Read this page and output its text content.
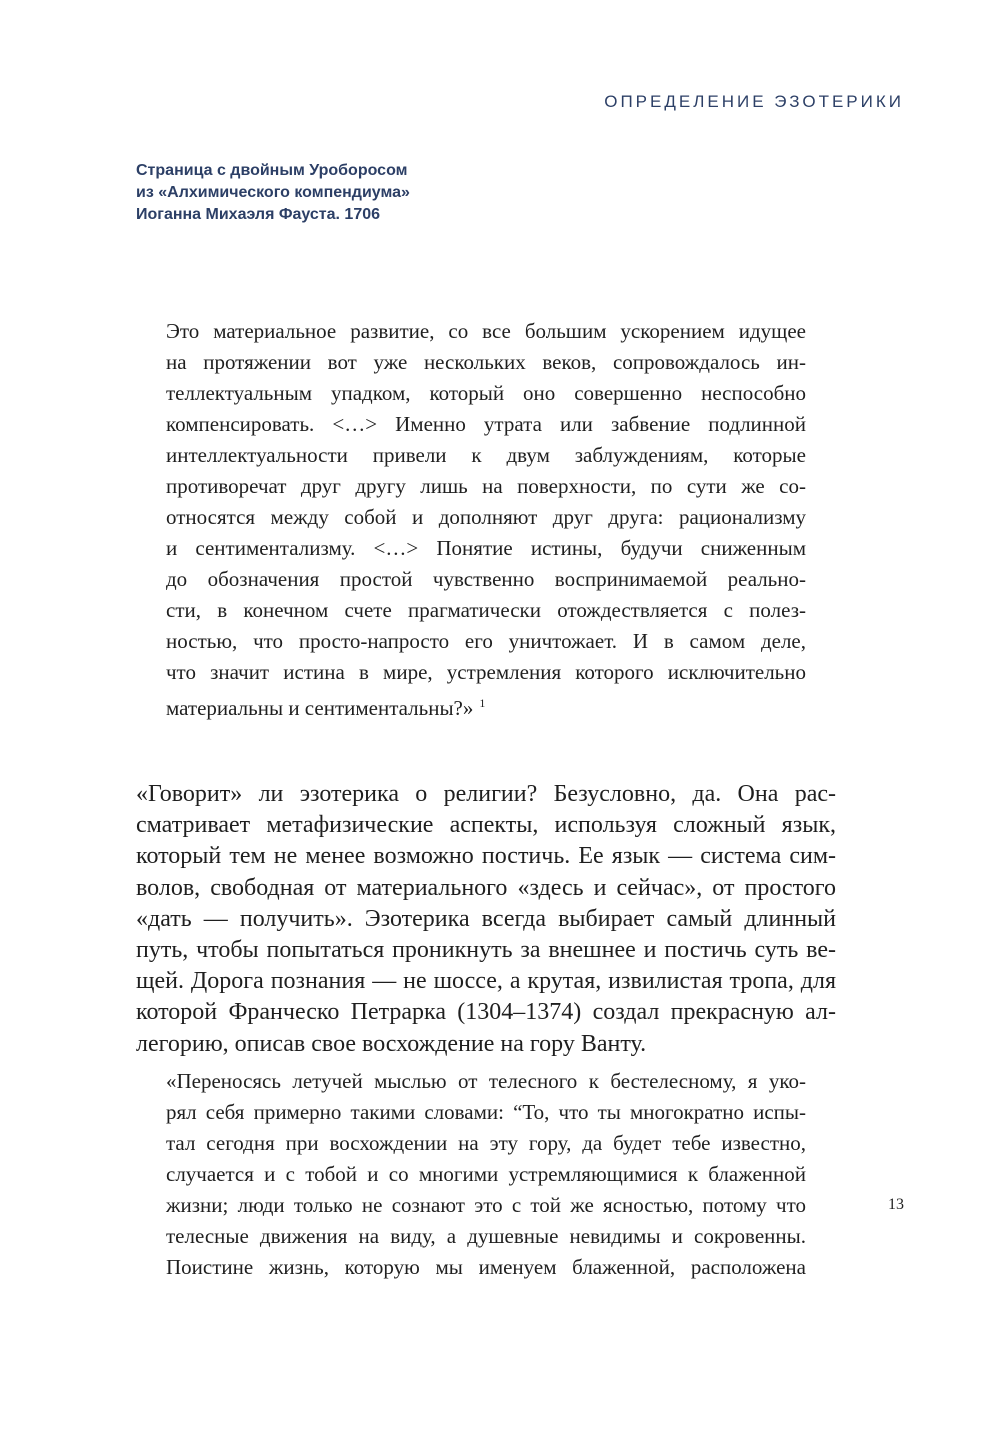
ОПРЕДЕЛЕНИЕ ЭЗОТЕРИКИ
Страница с двойным Уроборосом
из «Алхимического компендиума»
Иоганна Михаэля Фауста. 1706
Это материальное развитие, со все большим ускорением идущее
на протяжении вот уже нескольких веков, сопровождалось ин-
теллектуальным упадком, который оно совершенно неспособно
компенсировать. <…> Именно утрата или забвение подлинной
интеллектуальности привели к двум заблуждениям, которые
противоречат друг другу лишь на поверхности, по сути же со-
относятся между собой и дополняют друг друга: рационализму
и сентиментализму. <…> Понятие истины, будучи сниженным
до обозначения простой чувственно воспринимаемой реально-
сти, в конечном счете прагматически отождествляется с полез-
ностью, что просто-напросто его уничтожает. И в самом деле,
что значит истина в мире, устремления которого исключительно
материальны и сентиментальны?» $^1$
«Говорит» ли эзотерика о религии? Безусловно, да. Она рас-
сматривает метафизические аспекты, используя сложный язык,
который тем не менее возможно постичь. Ее язык — система сим-
волов, свободная от материального «здесь и сейчас», от простого
«дать — получить». Эзотерика всегда выбирает самый длинный
путь, чтобы попытаться проникнуть за внешнее и постичь суть ве-
щей. Дорога познания — не шоссе, а крутая, извилистая тропа, для
которой Франческо Петрарка (1304–1374) создал прекрасную ал-
легорию, описав свое восхождение на гору Ванту.
«Переносясь летучей мыслью от телесного к бестелесному, я уко-
рял себя примерно такими словами: “То, что ты многократно испы-
тал сегодня при восхождении на эту гору, да будет тебе известно,
случается и с тобой и со многими устремляющимися к блаженной
жизни; люди только не сознают это с той же ясностью, потому что
телесные движения на виду, а душевные невидимы и сокровенны.
Поистине жизнь, которую мы именуем блаженной, расположена
13
